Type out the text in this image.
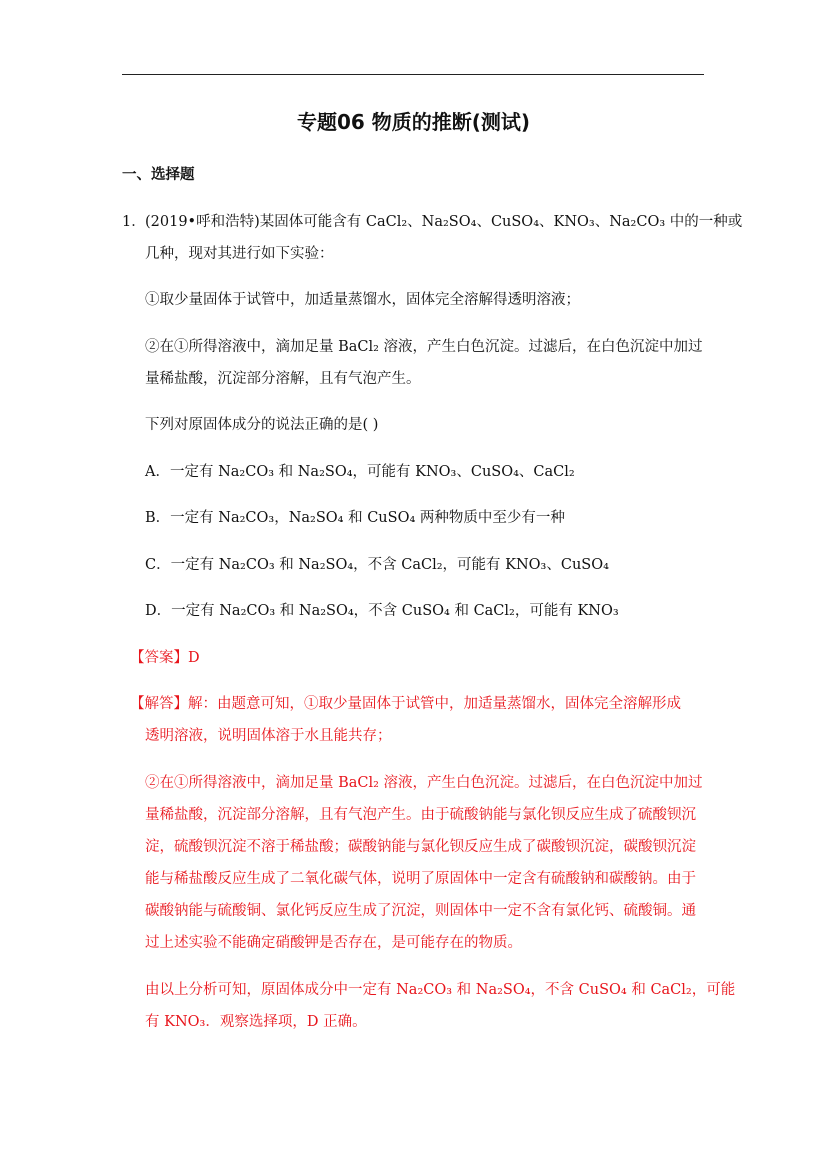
专题06 物质的推断(测试)
一、选择题
1． (2019•呼和浩特)某固体可能含有 CaCl₂、Na₂SO₄、CuSO₄、KNO₃、Na₂CO₃ 中的一种或
几种，现对其进行如下实验：
①取少量固体于试管中，加适量蒸馏水，固体完全溶解得透明溶液；
②在①所得溶液中，滴加足量 BaCl₂ 溶液，产生白色沉淀。过滤后，在白色沉淀中加过
量稀盐酸，沉淀部分溶解，且有气泡产生。
下列对原固体成分的说法正确的是( )
A．一定有 Na₂CO₃ 和 Na₂SO₄，可能有 KNO₃、CuSO₄、CaCl₂
B．一定有 Na₂CO₃，Na₂SO₄ 和 CuSO₄ 两种物质中至少有一种
C．一定有 Na₂CO₃ 和 Na₂SO₄，不含 CaCl₂，可能有 KNO₃、CuSO₄
D．一定有 Na₂CO₃ 和 Na₂SO₄，不含 CuSO₄ 和 CaCl₂，可能有 KNO₃
【答案】D
【解答】解：由题意可知，①取少量固体于试管中，加适量蒸馏水，固体完全溶解形成
透明溶液，说明固体溶于水且能共存；
②在①所得溶液中，滴加足量 BaCl₂ 溶液，产生白色沉淀。过滤后，在白色沉淀中加过
量稀盐酸，沉淀部分溶解，且有气泡产生。由于硫酸钠能与氯化钡反应生成了硫酸钡沉
淀，硫酸钡沉淀不溶于稀盐酸；碳酸钠能与氯化钡反应生成了碳酸钡沉淀，碳酸钡沉淀
能与稀盐酸反应生成了二氧化碳气体，说明了原固体中一定含有硫酸钠和碳酸钠。由于
碳酸钠能与硫酸铜、氯化钙反应生成了沉淀，则固体中一定不含有氯化钙、硫酸铜。通
过上述实验不能确定硝酸钾是否存在，是可能存在的物质。
由以上分析可知，原固体成分中一定有 Na₂CO₃ 和 Na₂SO₄，不含 CuSO₄ 和 CaCl₂，可能
有 KNO₃．观察选择项，D 正确。
